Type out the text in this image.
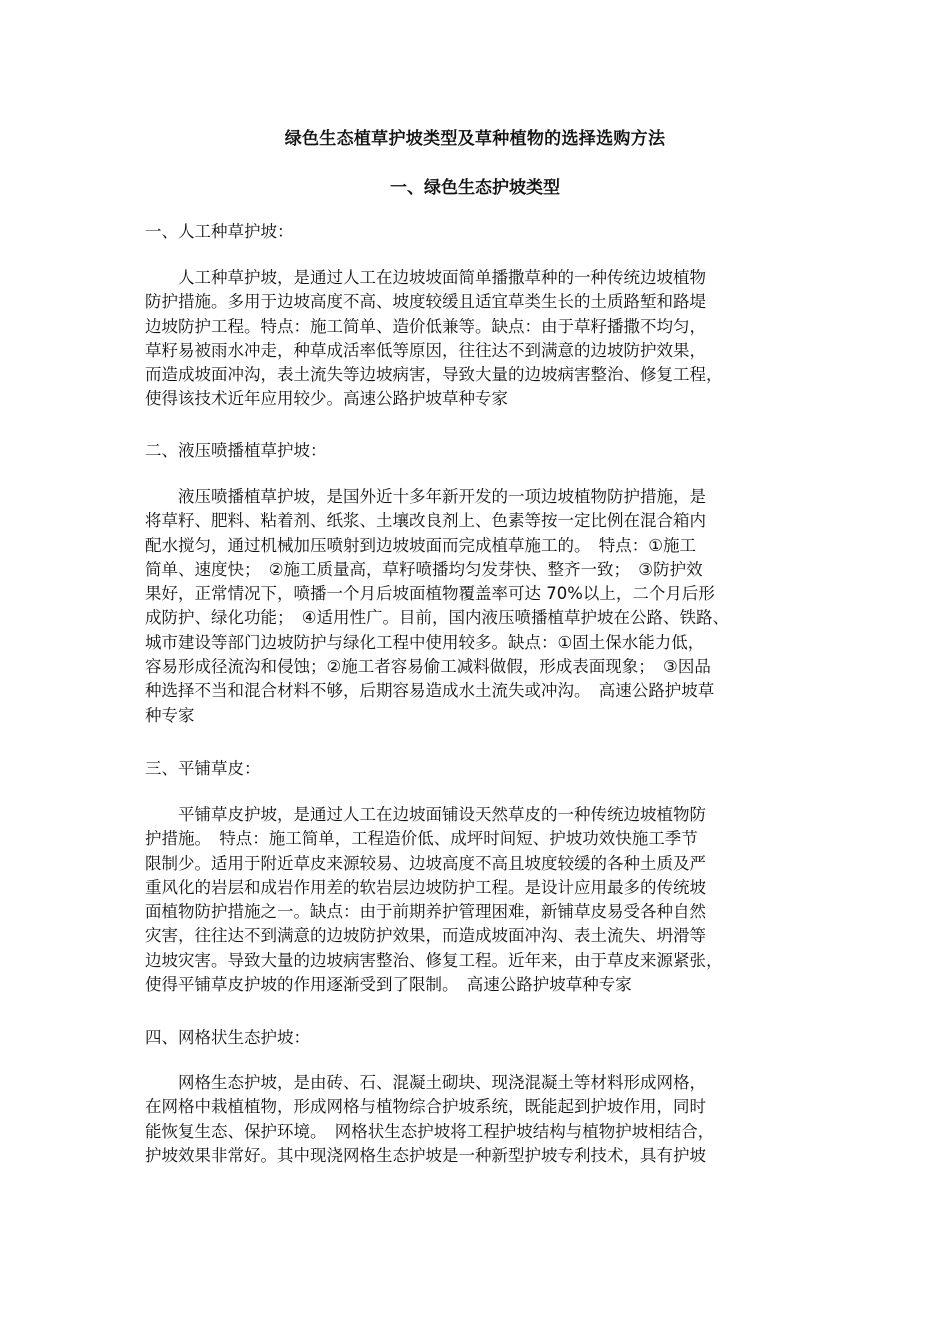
绿色生态植草护坡类型及草种植物的选择选购方法
一、绿色生态护坡类型
一、人工种草护坡：
　　人工种草护坡，是通过人工在边坡坡面简单播撒草种的一种传统边坡植物
防护措施。多用于边坡高度不高、坡度较缓且适宜草类生长的土质路堑和路堤
边坡防护工程。特点：施工简单、造价低兼等。缺点：由于草籽播撒不均匀，
草籽易被雨水冲走，种草成活率低等原因，往往达不到满意的边坡防护效果，
而造成坡面冲沟，表土流失等边坡病害，导致大量的边坡病害整治、修复工程，
使得该技术近年应用较少。高速公路护坡草种专家
二、液压喷播植草护坡：
　　液压喷播植草护坡，是国外近十多年新开发的一项边坡植物防护措施，是
将草籽、肥料、粘着剂、纸浆、土壤改良剂上、色素等按一定比例在混合箱内
配水搅匀，通过机械加压喷射到边坡坡面而完成植草施工的。　特点：①施工
简单、速度快；　②施工质量高，草籽喷播均匀发芽快、整齐一致；　③防护效
果好，正常情况下，喷播一个月后坡面植物覆盖率可达 70%以上，二个月后形
成防护、绿化功能；　④适用性广。目前，国内液压喷播植草护坡在公路、铁路、
城市建设等部门边坡防护与绿化工程中使用较多。缺点：①固土保水能力低，
容易形成径流沟和侵蚀；②施工者容易偷工减料做假，形成表面现象；　③因品
种选择不当和混合材料不够，后期容易造成水土流失或冲沟。　高速公路护坡草
种专家
三、平铺草皮：
　　平铺草皮护坡，是通过人工在边坡面铺设天然草皮的一种传统边坡植物防
护措施。　特点：施工简单，工程造价低、成坪时间短、护坡功效快施工季节
限制少。适用于附近草皮来源较易、边坡高度不高且坡度较缓的各种土质及严
重风化的岩层和成岩作用差的软岩层边坡防护工程。是设计应用最多的传统坡
面植物防护措施之一。缺点：由于前期养护管理困难，新铺草皮易受各种自然
灾害，往往达不到满意的边坡防护效果，而造成坡面冲沟、表土流失、坍滑等
边坡灾害。导致大量的边坡病害整治、修复工程。近年来，由于草皮来源紧张，
使得平铺草皮护坡的作用逐渐受到了限制。　高速公路护坡草种专家
四、网格状生态护坡：
　　网格生态护坡，是由砖、石、混凝土砌块、现浇混凝土等材料形成网格，
在网格中栽植植物，形成网格与植物综合护坡系统，既能起到护坡作用，同时
能恢复生态、保护环境。　网格状生态护坡将工程护坡结构与植物护坡相结合，
护坡效果非常好。其中现浇网格生态护坡是一种新型护坡专利技术，具有护坡
